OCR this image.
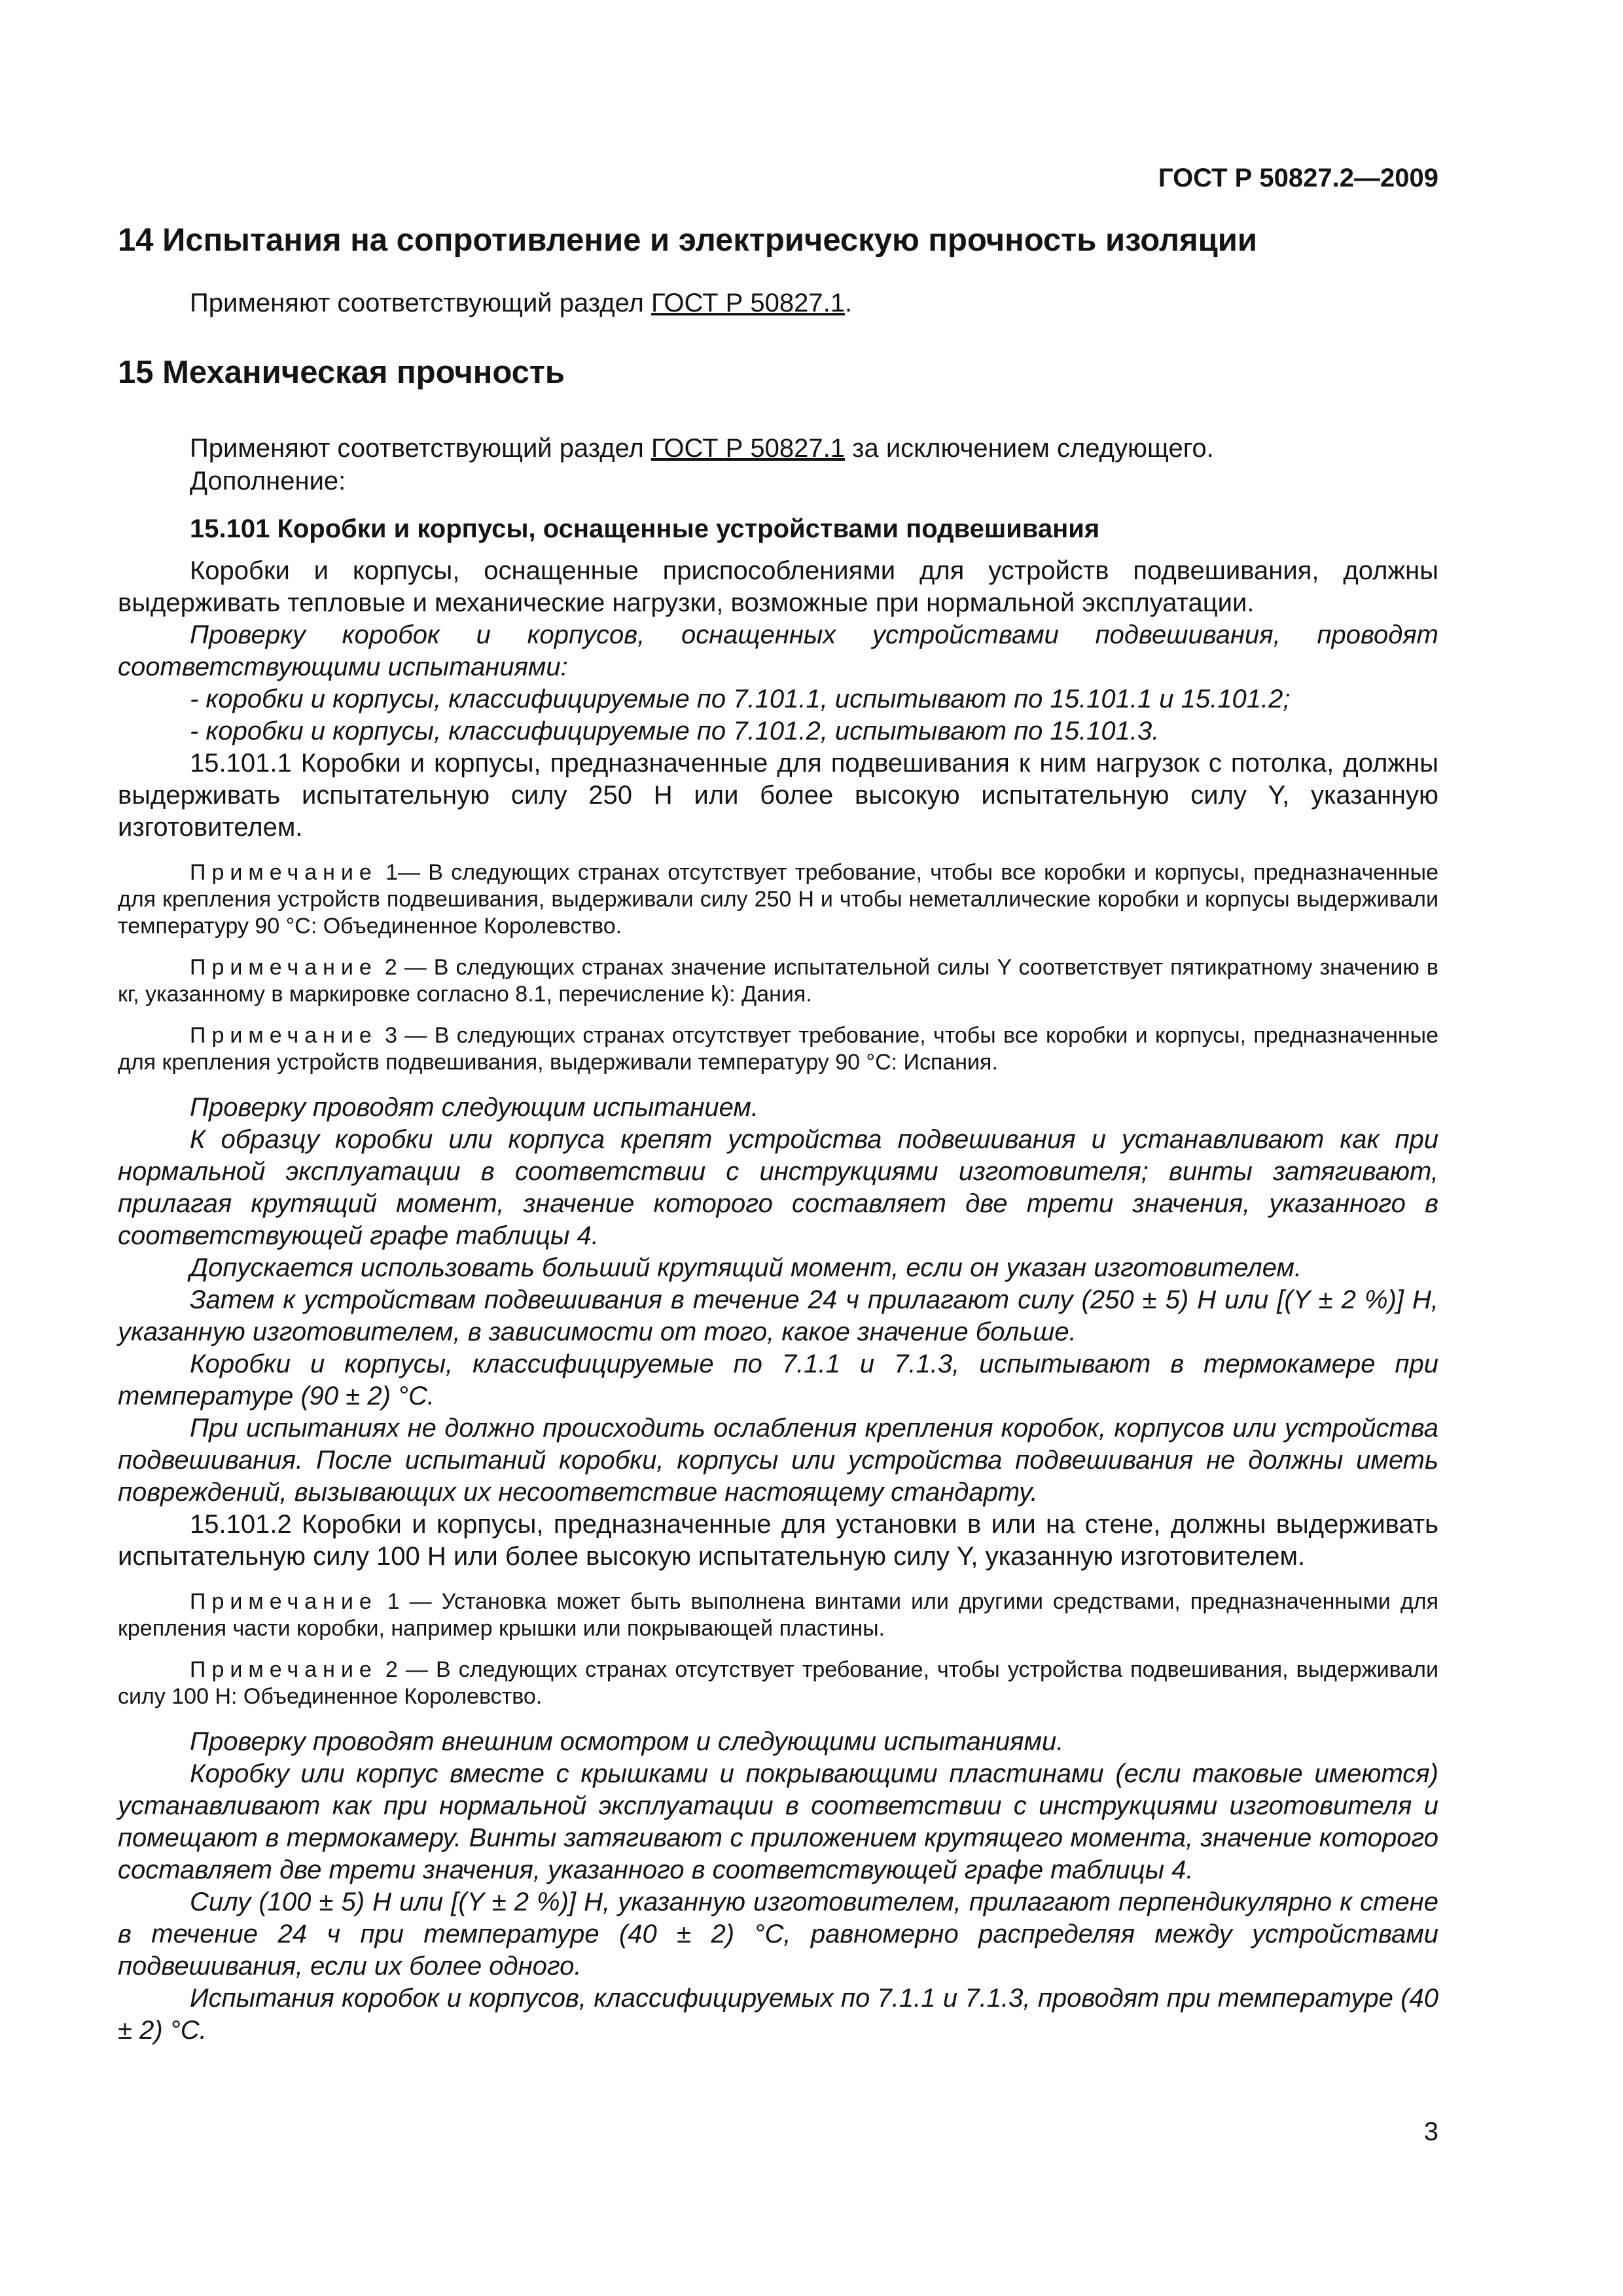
ГОСТ Р 50827.2—2009
14 Испытания на сопротивление и электрическую прочность изоляции

Применяют соответствующий раздел ГОСТ Р 50827.1.

15 Механическая прочность

Применяют соответствующий раздел ГОСТ Р 50827.1 за исключением следующего.

Дополнение:

15.101 Коробки и корпусы, оснащенные устройствами подвешивания

Коробки и корпусы, оснащенные приспособлениями для устройств подвешивания, должны выдерживать тепловые и механические нагрузки, возможные при нормальной эксплуатации.

Проверку коробок и корпусов, оснащенных устройствами подвешивания, проводят соответствующими испытаниями:

- коробки и корпусы, классифицируемые по 7.101.1, испытывают по 15.101.1 и 15.101.2;

- коробки и корпусы, классифицируемые по 7.101.2, испытывают по 15.101.3.

15.101.1 Коробки и корпусы, предназначенные для подвешивания к ним нагрузок с потолка, должны выдерживать испытательную силу 250 Н или более высокую испытательную силу Y, указанную изготовителем.

Примечание 1— В следующих странах отсутствует требование, чтобы все коробки и корпусы, предназначенные для крепления устройств подвешивания, выдерживали силу 250 Н и чтобы неметаллические коробки и корпусы выдерживали температуру 90 °С: Объединенное Королевство.

Примечание 2 — В следующих странах значение испытательной силы Y соответствует пятикратному значению в кг, указанному в маркировке согласно 8.1, перечисление k): Дания.

Примечание 3 — В следующих странах отсутствует требование, чтобы все коробки и корпусы, предназначенные для крепления устройств подвешивания, выдерживали температуру 90 °С: Испания.

Проверку проводят следующим испытанием.

К образцу коробки или корпуса крепят устройства подвешивания и устанавливают как при нормальной эксплуатации в соответствии с инструкциями изготовителя; винты затягивают, прилагая крутящий момент, значение которого составляет две трети значения, указанного в соответствующей графе таблицы 4.

Допускается использовать больший крутящий момент, если он указан изготовителем.

Затем к устройствам подвешивания в течение 24 ч прилагают силу (250 ± 5) Н или [(Y ± 2 %)] Н, указанную изготовителем, в зависимости от того, какое значение больше.

Коробки и корпусы, классифицируемые по 7.1.1 и 7.1.3, испытывают в термокамере при температуре (90 ± 2) °С.

При испытаниях не должно происходить ослабления крепления коробок, корпусов или устройства подвешивания. После испытаний коробки, корпусы или устройства подвешивания не должны иметь повреждений, вызывающих их несоответствие настоящему стандарту.

15.101.2 Коробки и корпусы, предназначенные для установки в или на стене, должны выдерживать испытательную силу 100 Н или более высокую испытательную силу Y, указанную изготовителем.

Примечание 1 — Установка может быть выполнена винтами или другими средствами, предназначенными для крепления части коробки, например крышки или покрывающей пластины.

Примечание 2 — В следующих странах отсутствует требование, чтобы устройства подвешивания, выдерживали силу 100 Н: Объединенное Королевство.

Проверку проводят внешним осмотром и следующими испытаниями.

Коробку или корпус вместе с крышками и покрывающими пластинами (если таковые имеются) устанавливают как при нормальной эксплуатации в соответствии с инструкциями изготовителя и помещают в термокамеру. Винты затягивают с приложением крутящего момента, значение которого составляет две трети значения, указанного в соответствующей графе таблицы 4.

Силу (100 ± 5) Н или [(Y ± 2 %)] Н, указанную изготовителем, прилагают перпендикулярно к стене в течение 24 ч при температуре (40 ± 2) °С, равномерно распределяя между устройствами подвешивания, если их более одного.

Испытания коробок и корпусов, классифицируемых по 7.1.1 и 7.1.3, проводят при температуре (40 ± 2) °С.

3
